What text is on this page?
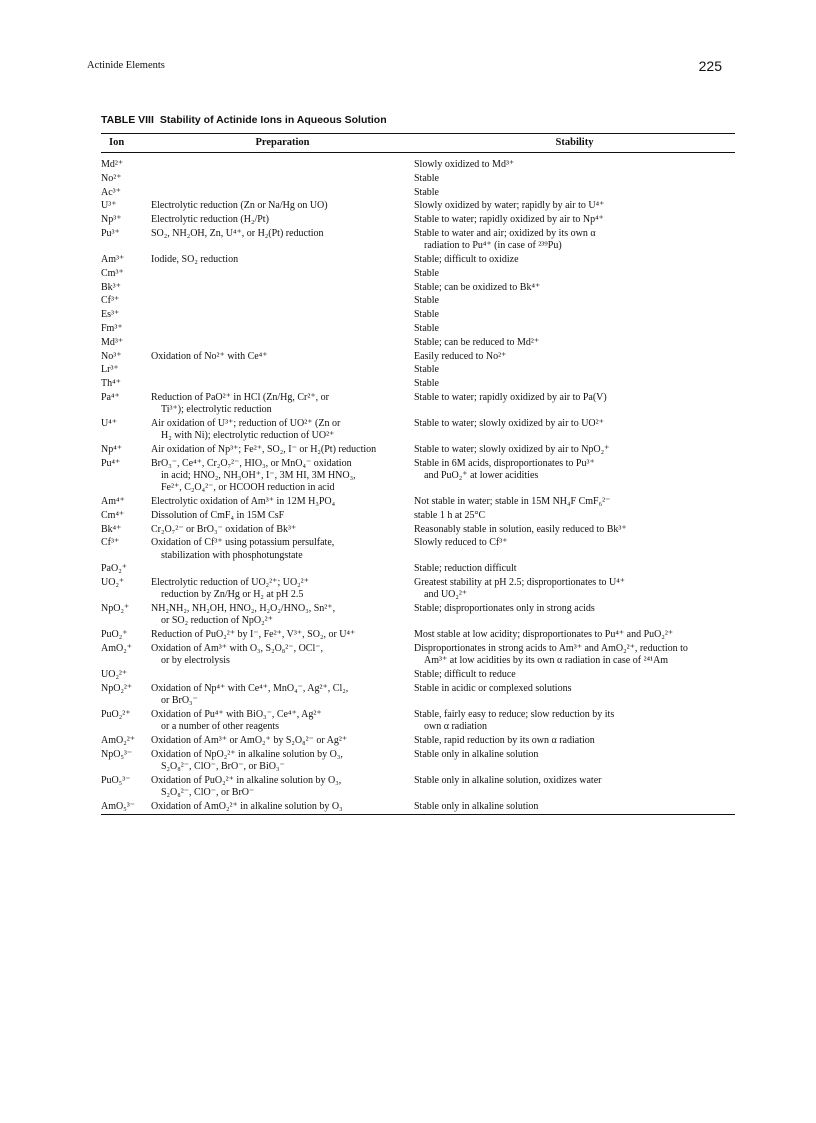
Actinide Elements	225
TABLE VIII Stability of Actinide Ions in Aqueous Solution
Ion	Preparation	Stability
Md²⁺		Slowly oxidized to Md³⁺
No²⁺		Stable
Ac³⁺		Stable
U³⁺	Electrolytic reduction (Zn or Na/Hg on UO)	Slowly oxidized by water; rapidly by air to U⁴⁺
Np³⁺	Electrolytic reduction (H₂/Pt)	Stable to water; rapidly oxidized by air to Np⁴⁺
Pu³⁺	SO₂, NH₂OH, Zn, U⁴⁺, or H₂(Pt) reduction	Stable to water and air; oxidized by its own α
radiation to Pu⁴⁺ (in case of ²³⁹Pu)

Am³⁺	Iodide, SO₂ reduction	Stable; difficult to oxidize
Cm³⁺		Stable
Bk³⁺		Stable; can be oxidized to Bk⁴⁺
Cf³⁺		Stable
Es³⁺		Stable
Fm³⁺		Stable
Md³⁺		Stable; can be reduced to Md²⁺
No³⁺	Oxidation of No²⁺ with Ce⁴⁺	Easily reduced to No²⁺
Lr³⁺		Stable
Th⁴⁺		Stable
Pa⁴⁺	Reduction of PaO²⁺ in HCl (Zn/Hg, Cr²⁺, or
Ti³⁺); electrolytic reduction	Stable to water; rapidly oxidized by air to Pa(V)
U⁴⁺	Air oxidation of U³⁺; reduction of UO²⁺ (Zn or
H₂ with Ni); electrolytic reduction of UO²⁺	Stable to water; slowly oxidized by air to UO²⁺
Np⁴⁺	Air oxidation of Np³⁺; Fe²⁺, SO₂, I⁻ or H₂(Pt) reduction	Stable to water; slowly oxidized by air to NpO₂⁺
Pu⁴⁺	BrO₃⁻, Ce⁴⁺, Cr₂O₇²⁻, HIO₃, or MnO₄⁻ oxidation
in acid; HNO₂, NH₃OH⁺, I⁻, 3M HI, 3M HNO₃,
Fe²⁺, C₂O₄²⁻, or HCOOH reduction in acid	Stable in 6M acids, disproportionates to Pu³⁺
and PuO₂⁺ at lower acidities

Am⁴⁺	Electrolytic oxidation of Am³⁺ in 12M H₃PO₄	Not stable in water; stable in 15M NH₄F CmF₆²⁻
Cm⁴⁺	Dissolution of CmF₄ in 15M CsF	stable 1 h at 25°C
Bk⁴⁺	Cr₂O₇²⁻ or BrO₃⁻ oxidation of Bk³⁺	Reasonably stable in solution, easily reduced to Bk³⁺
Cf³⁺	Oxidation of Cf³⁺ using potassium persulfate,
stabilization with phosphotungstate	Slowly reduced to Cf³⁺
PaO₂⁺		Stable; reduction difficult
UO₂⁺	Electrolytic reduction of UO₂²⁺; UO₂²⁺
reduction by Zn/Hg or H₂ at pH 2.5	Greatest stability at pH 2.5; disproportionates to U⁴⁺
and UO₂²⁺

NpO₂⁺	NH₂NH₂, NH₂OH, HNO₂, H₂O₂/HNO₃, Sn²⁺,
or SO₂ reduction of NpO₂²⁺	Stable; disproportionates only in strong acids
PuO₂⁺	Reduction of PuO₂²⁺ by I⁻, Fe²⁺, V³⁺, SO₂, or U⁴⁺	Most stable at low acidity; disproportionates to Pu⁴⁺ and PuO₂²⁺
AmO₂⁺	Oxidation of Am³⁺ with O₃, S₂O₈²⁻, OCl⁻,
or by electrolysis	Disproportionates in strong acids to Am³⁺ and AmO₂²⁺, reduction to
Am³⁺ at low acidities by its own α radiation in case of ²⁴¹Am

UO₂²⁺		Stable; difficult to reduce
NpO₂²⁺	Oxidation of Np⁴⁺ with Ce⁴⁺, MnO₄⁻, Ag²⁺, Cl₂,
or BrO₃⁻	Stable in acidic or complexed solutions
PuO₂²⁺	Oxidation of Pu⁴⁺ with BiO₃⁻, Ce⁴⁺, Ag²⁺
or a number of other reagents	Stable, fairly easy to reduce; slow reduction by its
own α radiation

AmO₂²⁺	Oxidation of Am³⁺ or AmO₂⁺ by S₂O₈²⁻ or Ag²⁺	Stable, rapid reduction by its own α radiation
NpO₅³⁻	Oxidation of NpO₂²⁺ in alkaline solution by O₃,
S₂O₈²⁻, ClO⁻, BrO⁻, or BiO₃⁻	Stable only in alkaline solution
PuO₅³⁻	Oxidation of PuO₂²⁺ in alkaline solution by O₃,
S₂O₈²⁻, ClO⁻, or BrO⁻	Stable only in alkaline solution, oxidizes water
AmO₅³⁻	Oxidation of AmO₂²⁺ in alkaline solution by O₃	Stable only in alkaline solution
